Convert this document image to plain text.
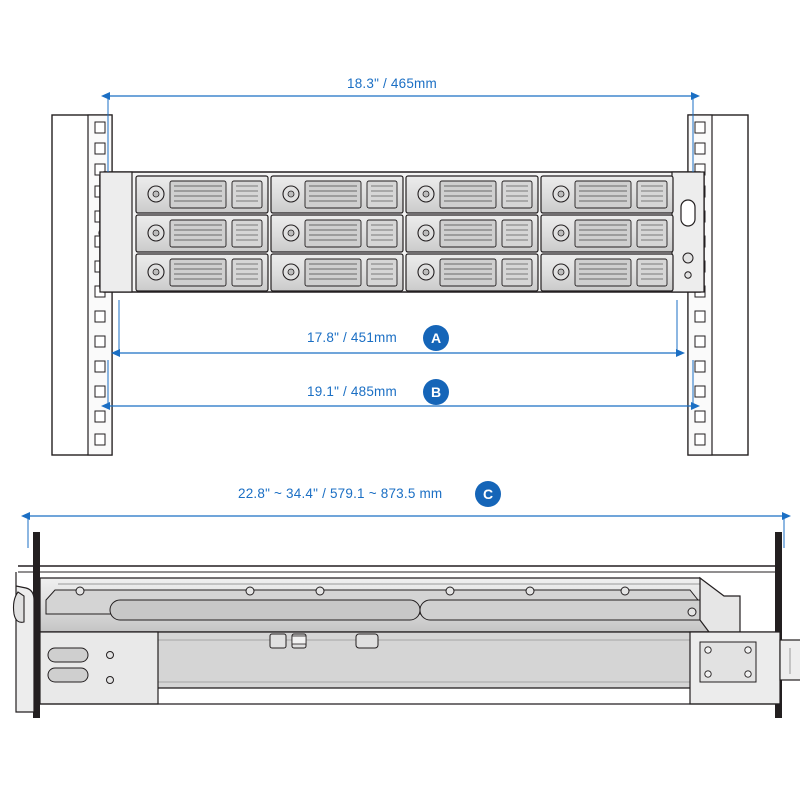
18.3" / 465mm
17.8" / 451mm	A
19.1" / 485mm	B
22.8" ~ 34.4" / 579.1 ~ 873.5 mm	C
